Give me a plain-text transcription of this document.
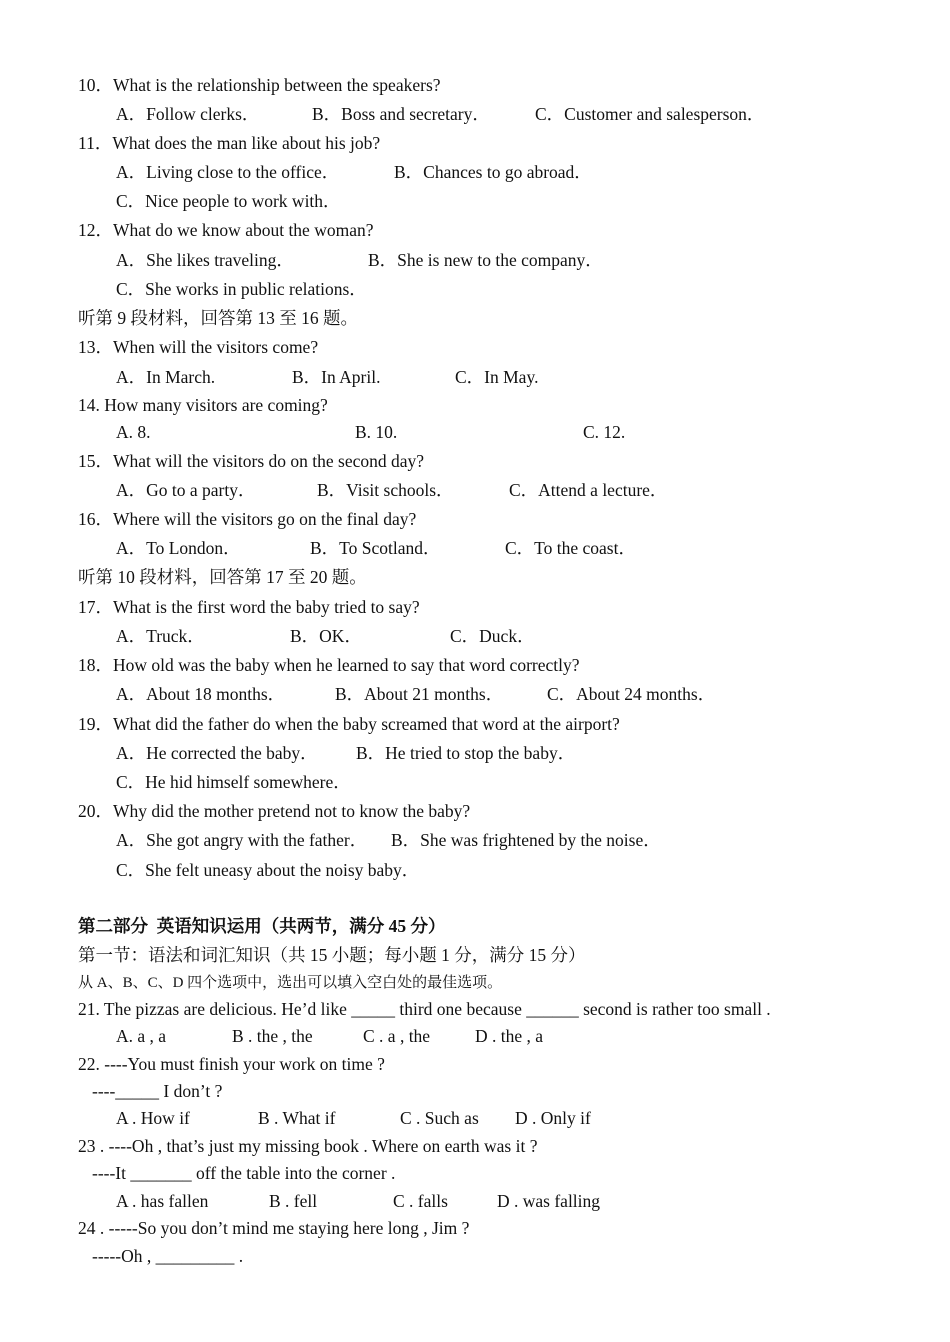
10．What is the relationship between the speakers?
A．Follow clerks．	B．Boss and secretary．	C．Customer and salesperson．
11．What does the man like about his job?
A．Living close to the office．	B．Chances to go abroad．
C．Nice people to work with．
12．What do we know about the woman?
A．She likes traveling．	B．She is new to the company．
C．She works in public relations．
听第 9 段材料，回答第 13 至 16 题。
13．When will the visitors come?
A．In March.	B．In April.	C．In May.
14. How many visitors are coming?
A. 8.	B. 10.	C. 12.
15．What will the visitors do on the second day?
A．Go to a party．	B．Visit schools．	C．Attend a lecture．
16．Where will the visitors go on the final day?
A．To London．	B．To Scotland．	C．To the coast．
听第 10 段材料，回答第 17 至 20 题。
17．What is the first word the baby tried to say?
A．Truck．	B．OK．	C．Duck．
18．How old was the baby when he learned to say that word correctly?
A．About 18 months．	B．About 21 months．	C．About 24 months．
19．What did the father do when the baby screamed that word at the airport?
A．He corrected the baby． B．He tried to stop the baby．
C．He hid himself somewhere．
20．Why did the mother pretend not to know the baby?
A．She got angry with the father． B．She was frightened by the noise．
C．She felt uneasy about the noisy baby．
第二部分  英语知识运用（共两节，满分 45 分）
第一节：语法和词汇知识（共 15 小题；每小题 1 分，满分 15 分）
从 A、B、C、D 四个选项中，选出可以填入空白处的最佳选项。
21. The pizzas are delicious. He’d like _____ third one because ______ second is rather too small .
A. a , a	B . the , the	C . a , the	D . the , a
22. ----You must finish your work on time ?
----_____ I don’t ?
A . How if	B . What if	C . Such as D . Only if
23 . ----Oh , that’s just my missing book . Where on earth was it ?
----It _______ off the table into the corner .
A . has fallen	B . fell	C . falls	D . was falling
24 . -----So you don’t mind me staying here long , Jim ?
-----Oh , _________ .
